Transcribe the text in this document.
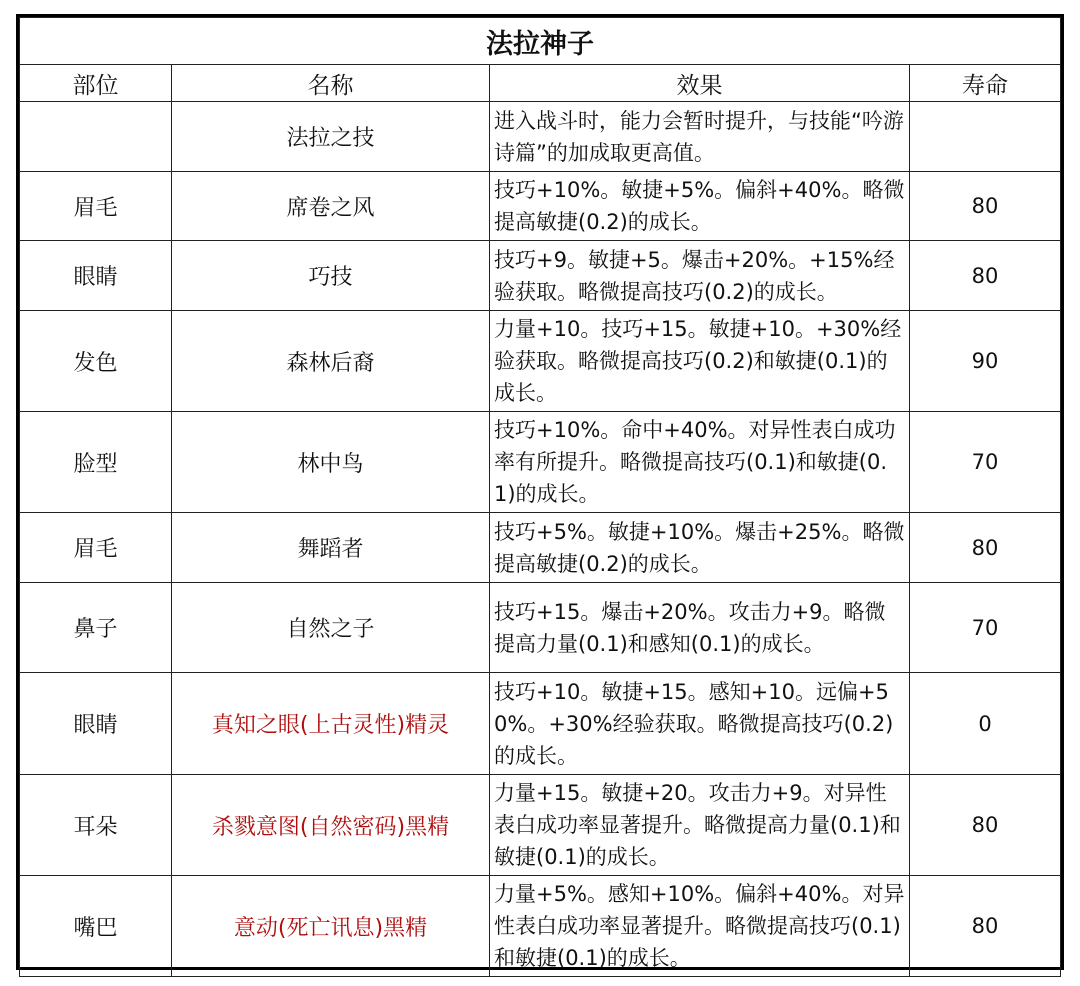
法拉神子			
部位	名称	效果	寿命
	法拉之技	进入战斗时，能力会暂时提升，与技能“吟游诗篇”的加成取更高值。	
眉毛	席卷之风	技巧+10%。敏捷+5%。偏斜+40%。略微提高敏捷(0.2)的成长。	80
眼睛	巧技	技巧+9。敏捷+5。爆击+20%。+15%经验获取。略微提高技巧(0.2)的成长。	80
发色	森林后裔	力量+10。技巧+15。敏捷+10。+30%经验获取。略微提高技巧(0.2)和敏捷(0.1)的成长。	90
脸型	林中鸟	技巧+10%。命中+40%。对异性表白成功率有所提升。略微提高技巧(0.1)和敏捷(0.1)的成长。	70
眉毛	舞蹈者	技巧+5%。敏捷+10%。爆击+25%。略微提高敏捷(0.2)的成长。	80
鼻子	自然之子	技巧+15。爆击+20%。攻击力+9。略微提高力量(0.1)和感知(0.1)的成长。	70
眼睛	真知之眼(上古灵性)精灵	技巧+10。敏捷+15。感知+10。远偏+50%。+30%经验获取。略微提高技巧(0.2)的成长。	0
耳朵	杀戮意图(自然密码)黑精	力量+15。敏捷+20。攻击力+9。对异性表白成功率显著提升。略微提高力量(0.1)和敏捷(0.1)的成长。	80
嘴巴	意动(死亡讯息)黑精	力量+5%。感知+10%。偏斜+40%。对异性表白成功率显著提升。略微提高技巧(0.1)和敏捷(0.1)的成长。	80
